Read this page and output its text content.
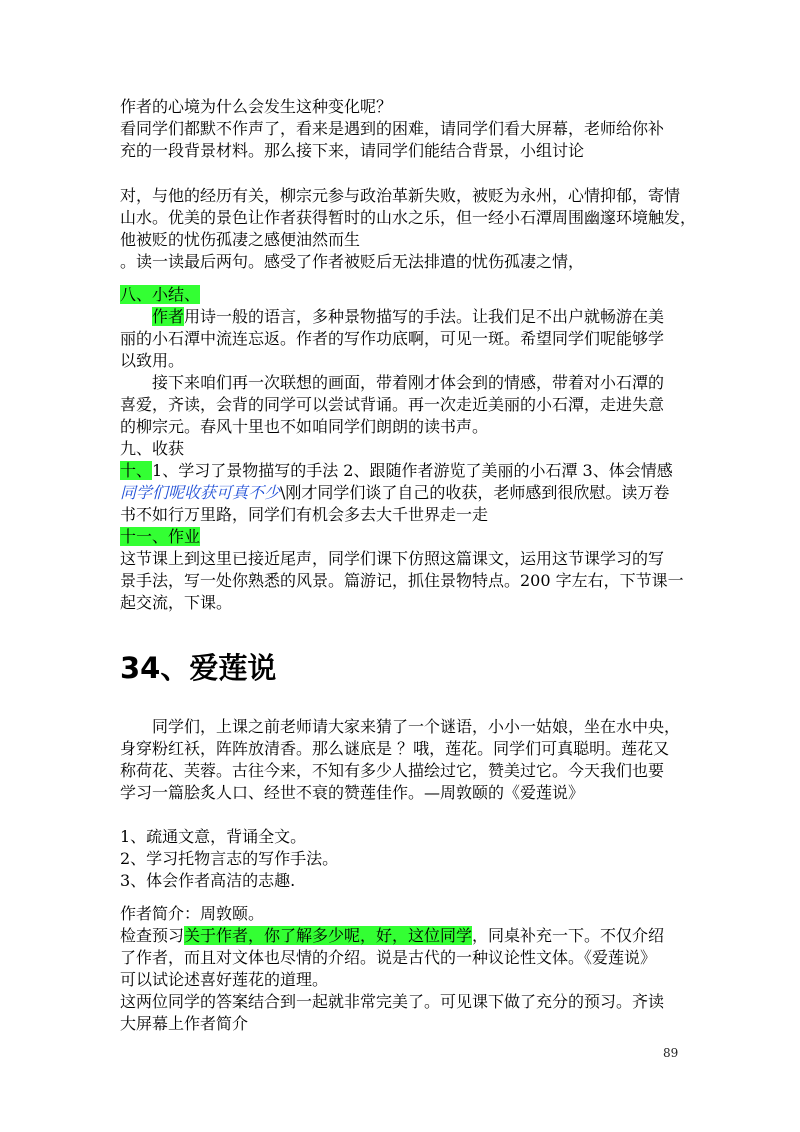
作者的心境为什么会发生这种变化呢？
看同学们都默不作声了，看来是遇到的困难，请同学们看大屏幕，老师给你补
充的一段背景材料。那么接下来，请同学们能结合背景，小组讨论
对，与他的经历有关，柳宗元参与政治革新失败，被贬为永州，心情抑郁，寄情
山水。优美的景色让作者获得暂时的山水之乐，但一经小石潭周围幽邃环境触发，
他被贬的忧伤孤凄之感便油然而生
。读一读最后两句。感受了作者被贬后无法排遣的忧伤孤凄之情，
八、小结、
作者用诗一般的语言，多种景物描写的手法。让我们足不出户就畅游在美
丽的小石潭中流连忘返。作者的写作功底啊，可见一斑。希望同学们呢能够学
以致用。
接下来咱们再一次联想的画面，带着刚才体会到的情感，带着对小石潭的
喜爱，齐读，会背的同学可以尝试背诵。再一次走近美丽的小石潭，走进失意
的柳宗元。春风十里也不如咱同学们朗朗的读书声。
九、收获
十、1、学习了景物描写的手法 2、跟随作者游览了美丽的小石潭 3、体会情感
同学们呢收获可真不少\刚才同学们谈了自己的收获，老师感到很欣慰。读万卷
书不如行万里路，同学们有机会多去大千世界走一走
十一、作业
这节课上到这里已接近尾声，同学们课下仿照这篇课文，运用这节课学习的写
景手法，写一处你熟悉的风景。篇游记，抓住景物特点。200 字左右，下节课一
起交流，下课。
34、爱莲说
同学们，上课之前老师请大家来猜了一个谜语，小小一姑娘，坐在水中央，
身穿粉红袄，阵阵放清香。那么谜底是 ？哦，莲花。同学们可真聪明。莲花又
称荷花、芙蓉。古往今来，不知有多少人描绘过它，赞美过它。今天我们也要
学习一篇脍炙人口、经世不衰的赞莲佳作。—周敦颐的《爱莲说》
1、疏通文意，背诵全文。
2、学习托物言志的写作手法。
3、体会作者高洁的志趣.
作者简介：周敦颐。
检查预习关于作者，你了解多少呢，好，这位同学，同桌补充一下。不仅介绍
了作者，而且对文体也尽情的介绍。说是古代的一种议论性文体。《爱莲说》
可以试论述喜好莲花的道理。
这两位同学的答案结合到一起就非常完美了。可见课下做了充分的预习。齐读
大屏幕上作者简介
89
